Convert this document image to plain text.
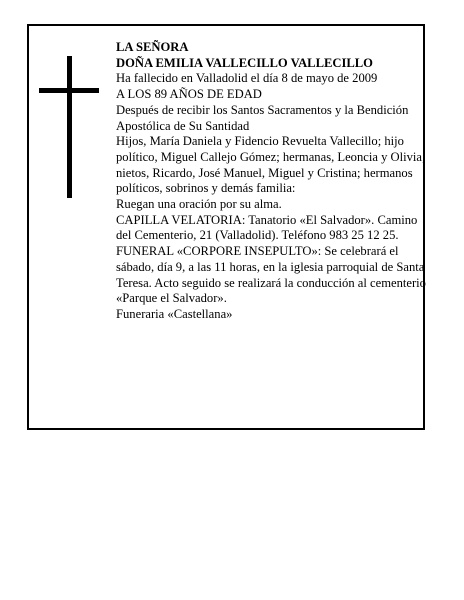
LA SEÑORA

DOÑA EMILIA VALLECILLO VALLECILLO

Ha fallecido en Valladolid el día 8 de mayo de 2009

A LOS 89 AÑOS DE EDAD

Después de recibir los Santos Sacramentos y la Bendición Apostólica de Su Santidad

Hijos, María Daniela y Fidencio Revuelta Vallecillo; hijo político, Miguel Callejo Gómez; hermanas, Leoncia y Olivia; nietos, Ricardo, José Manuel, Miguel y Cristina; hermanos políticos, sobrinos y demás familia:

Ruegan una oración por su alma.

CAPILLA VELATORIA: Tanatorio «El Salvador». Camino del Cementerio, 21 (Valladolid). Teléfono 983 25 12 25.

FUNERAL «CORPORE INSEPULTO»: Se celebrará el sábado, día 9, a las 11 horas, en la iglesia parroquial de Santa Teresa. Acto seguido se realizará la conducción al cementerio «Parque el Salvador».

Funeraria «Castellana»
